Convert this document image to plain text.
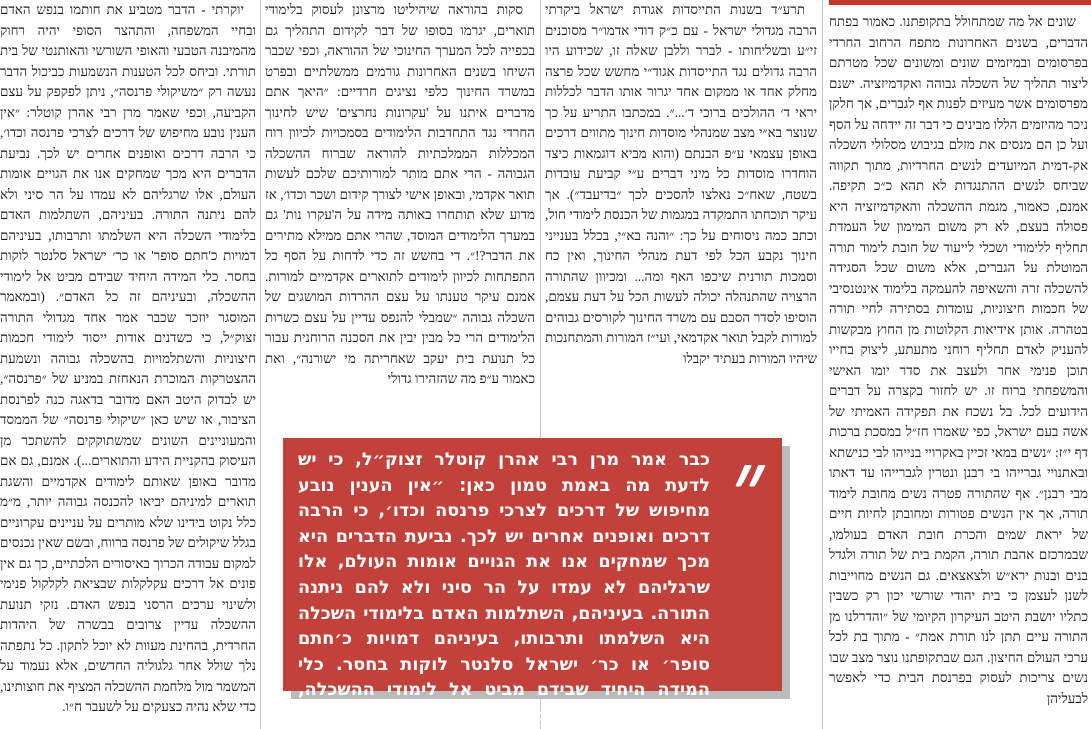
שונים אל מה שמתחולל בתקופתנו. כאמור בפתח הדברים, בשנים האחרונות מתפח הרחוב החרדי בפרסומים ובמיזמים שונים ומשונים שכל מטרתם ליצור תהליך של השכלה גבוהה ואקדמיזציה. ישנם מפרסומים אשר מעיזים לפנות אף לגברים, אך חלקן ניכר מהיזמים הללו מבינים כי דבר זה יידחה על הסף ועל כן הם מנסים את מזלם בגיבוש מסלולי השכלה אק-דמית המיועדים לנשים החרדיות, מתוך תקווה שביחס לנשים ההתנגדות לא תהא כ״כ תקיפה. אמנם, כאמור, מגמת ההשכלה והאקדמיזציה היא פסולה בעצם, לא רק משום המימון של העמדת תחליף ללימודי ושכלי לייעוד של חובת לימוד תורה המוטלת על הגברים, אלא משום שכל הסגידה להשכלה זרה והשאיפה להעמקה בלימוד אינטנסיבי של חכמות חיצוניות, עומדות בסתירה לחיי תורה בטהרה. אותן אידיאות הקלוטות מן החוץ מבקשות להעניק לאדם תחליף רוחני מתעתע, ליצוק בחייו תוכן פנימי אחר ולעצב את סדר יומו האישי והמשפחתי ברוח זו. יש לחזור בקצרה על דברים הידועים לכל. בל נשכח את תפקידה האמיתי של אשה בעם ישראל, כפי שאמרו חז״ל במסכת ברכות דף י״ז: ״נשים במאי זכיין באקרויי בנייהו לבי כנישתא ובאתנויי גברייהו בי רבנן ונטרין לגברייהו עד דאתו מבי רבנן״. אף שהתורה פטרה נשים מחובת לימוד תורה, אך אין הנשים פטורות ומחובתן לחיות חיים של יראת שמים והכרת חובת האדם בעולמו, שבמרכזם אהבת תורה, הקמת בית של תורה ולגדל בנים ובנות ירא״ש ולצאצאים. גם הנשים מחוייבות לשנן לעצמן כי בית יהודי שורשי יכון רק כשבין כתליו יושבת היטב העיקרון הקיומי של ״והדרלנו מן התורה עיים תתן לנו תורת אמת״ - מתוך בת לכל ערכי העולם החיצון. הגם שבתקופתנו נוצר מצב שבו נשים צריכות לעסוק בפרנסת הבית כדי לאפשר לבעליהן

תרע״ד בשנות התייסדות אגודת ישראל ביקרתי הרבה מגדולי ישראל - עם כ״ק דודי אדמו״ר מסוכנים זי״ע ובשליחותו - לברר וללבן שאלה זו, שכידוע היו הרבה גדולים נגד התייסדות אגוד״י מחשש שכל פרצה מחלק אחד או ממקום אחד יגרור אותו הדבר לכללות יראי ד׳ ההולכים ברוכי ד׳...״. במכתבו התריע על כך שנוצר בא״י מצב שמנהלי מוסדות חינוך מתווים דרכים באופן עצמאי ע״פ הבנתם (והוא מביא דוגמאות כיצד הוחדרו מוסדות כל מיני דברים ע״י קביעת עובדות בשטח, שאח״כ נאלצו להסכים לכך ״בדיעבד״). אך עיקר תוכחתו התמקדה במגמות של הכנסת לימודי חול, וכתב כמה ניסוחים על כך: ״והנה בא״י, בכלל בענייני חינוך נקבע הכל לפי דעת מנהלי החינוך, ואין כח וסמכות תורנית שיכפו האף ומה... ומכיוון שהתורה הרצויה שהתנהלה יכולה לעשות הכל על דעת עצמם, הוסיפו לסדר הסבם עם משרד החינוך לקורסים גבוהים למורות לקבל תואר אקדמאי, ועי״ז המורות והמתחנכות שיהיו המורות בעתיד יקבלו

סקות בהוראה שיהיליטו מרצונן לעסוק בלימודי תוארים, יגרמו בסופו של דבר לקידום התהליך גם בכפייה לכל המערך החינוכי של ההוראה, וכפי שכבר השיחו בשנים האחרונות גורמים ממשלתיים ובפרט במשרד החינוך כלפי נציגים חרדיים: ״היאך אתם מדברים איתנו על 'עקרונות נחרצים' שיש לחינוך החרדי נגד התחדבות הלימודים בסמכויות לכיוון רוח המכללות הממלכתיות להוראה שברוח ההשכלה הגבוהה - הרי אתם מותר למורותיכם שלכם לעשות תואר אקדמי, ובאופן אישי לצורך קידום ושכר וכדו׳, אז מדוע שלא תותחרו באותה מידה על ה'עקרו נות' גם במערך הלימודים המוסד, שהרי אתם ממילא מתירים את הדבר?!״. די בחשש זה כדי לדחות על הסף כל התפתחות לכיוון לימודים לתוארים אקדמיים למורות. אמנם עיקר טענתו על עצם ההרדות המושגים של השכלה גבוהה ״שמבלי להנפס עדיין על עצם כשרות הלימודים הרי כל מבין יבין את הסכנה הרוחנית עבור כל תנועת בית יעקב שאחריתה מי ישורנה״, ואת כאמור ע״פ מה שהזהירו גדולי

יוקרתי - הדבר מטביע את חותמו בנפש האדם ובחיי המשפחה, והתהצר הסופי יהיה רחוק מהמיבנה הטבעי והאופי השורשי והאותנטי של בית תורתי. וביחס לכל הטענות הנשמעות כביכול הדבר נעשה רק ״משיקולי פרנסה״, ניתן לפקפק על עצם הקביעה, וכפי שאמר מרן רבי אהרן קוטלר: ״אין הענין נובע מחיפוש של דרכים לצרכי פרנסה וכדו׳, כי הרבה דרכים ואופנים אחרים יש לכך. נביעת הדברים היא מכך שמחקים אנו את הגויים אומות העולם, אלו שרגליהם לא עמדו על הר סיני ולא להם ניתנה התורה. בעיניהם, השתלמות האדם בלימודי השכלה היא השלמתו ותרבותו, בעיניהם דמויות כ'חתם סופר' או כר׳ ישראל סלנטר לוקות בחסר. כלי המידה היחיד שבידם מביט אל לימודי ההשכלה, ובעיניהם זה כל האדם״. (ובמאמר המוסגר יוזכר שכבר אמר אחד מגדולי התורה זצוק״ל, כי כשדנים אודות ייסוד לימודי חכמות חיצוניות והשתלמויות בהשכלה גבוהה ונשמעת ההצטרקות המוכרת הנאחזת במניע של ״פרנסה״, יש לבדוק היטב האם מדובר בדאגה כנה לפרנסת הציבור, או שיש כאן ״שיקולי פרנסה״ של הממסד והמעוניינים השונים שמשתוקקים להשתכר מן העיסוק בהקניית הידע והתוארים...). אמנם, גם אם מדובר באופן שאותם לימודים אקדמיים והשגת תוארים למיניהם יביאו להכנסה גבוהה יותר, מ״מ כלל נקוט בידינו שלא מותרים על עניינים עקרוניים בגלל שיקולים של פרנסה ברווח, ובשם שאין נכנסים למקום עבודה הכרוך באיסורים הלכתיים, כך גם אין פונים אל דרכים עקלקלות שבציאת לקלקול פנימי ולשינוי ערכים הרסני בנפש האדם. נזקי תנועת ההשכלה עדיין צרובים בבשרה של היהדות החרדית, בהחינת מעוות לא יוכל לתקון. כל נתפתה נלך שולל אחר גלגוליה החדשים, אלא נעמוד על המשמר מול מלחמת ההשכלה המציף את חוצותינו, כדי שלא נהיה כצעקים על לשעבר ח״ו.

״
כבר אמר מרן רבי אהרן קוטלר זצוק״ל, כי יש לדעת מה באמת טמון כאן: ״אין הענין נובע מחיפוש של דרכים לצרכי פרנסה וכדו׳, כי הרבה דרכים ואופנים אחרים יש לכך. נביעת הדברים היא מכך שמחקים אנו את הגויים אומות העולם, אלו שרגליהם לא עמדו על הר סיני ולא להם ניתנה התורה. בעיניהם, השתלמות האדם בלימודי השכלה היא השלמתו ותרבותו, בעיניהם דמויות כ׳חתם סופר׳ או כר׳ ישראל סלנטר לוקות בחסר. כלי המידה היחיד שבידם מביט אל לימודי ההשכלה, ובעיניהם זה כל האדם״
